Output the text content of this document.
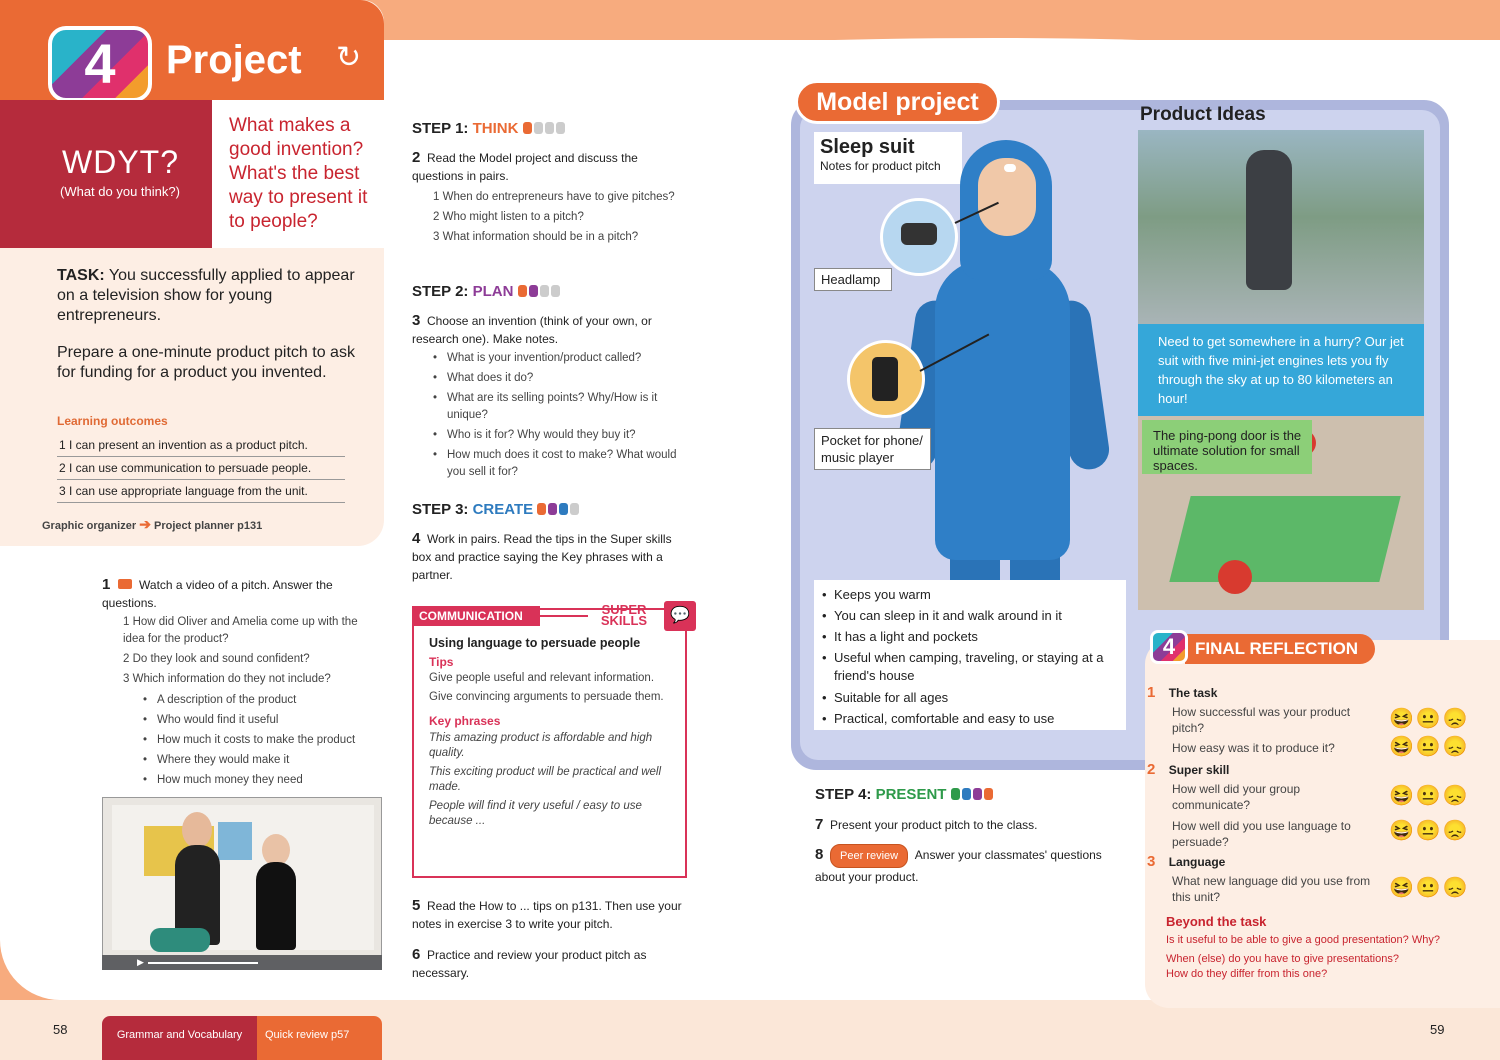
4	Project ↻
WDYT?
(What do you think?)
What makes a good invention? What's the best way to present it to people?
TASK: You successfully applied to appear on a television show for young entrepreneurs.
Prepare a one-minute product pitch to ask for funding for a product you invented.
Learning outcomes
1 I can present an invention as a product pitch.
2 I can use communication to persuade people.
3 I can use appropriate language from the unit.
Graphic organizer ➔ Project planner p131
1 Watch a video of a pitch. Answer the questions.
1 How did Oliver and Amelia come up with the idea for the product?
2 Do they look and sound confident?
3 Which information do they not include?
• A description of the product
• Who would find it useful
• How much it costs to make the product
• Where they would make it
• How much money they need
▶
STEP 1: THINK
2 Read the Model project and discuss the questions in pairs.
1 When do entrepreneurs have to give pitches?
2 Who might listen to a pitch?
3 What information should be in a pitch?
STEP 2: PLAN
3 Choose an invention (think of your own, or research one). Make notes.
• What is your invention/product called?
• What does it do?
• What are its selling points? Why/How is it unique?
• Who is it for? Why would they buy it?
• How much does it cost to make? What would you sell it for?
STEP 3: CREATE
4 Work in pairs. Read the tips in the Super skills box and practice saying the Key phrases with a partner.
COMMUNICATION	SUPER SKILLS	💬
Using language to persuade people
Tips
Give people useful and relevant information.
Give convincing arguments to persuade them.
Key phrases
This amazing product is affordable and high quality.
This exciting product will be practical and well made.
People will find it very useful / easy to use because ...
5 Read the How to ... tips on p131. Then use your notes in exercise 3 to write your pitch.
6 Practice and review your product pitch as necessary.
Model project
Sleep suit
Notes for product pitch
Headlamp
Pocket for phone/ music player
• Keeps you warm
• You can sleep in it and walk around in it
• It has a light and pockets
• Useful when camping, traveling, or staying at a friend's house
• Suitable for all ages
• Practical, comfortable and easy to use
Product Ideas
Need to get somewhere in a hurry? Our jet suit with five mini-jet engines lets you fly through the sky at up to 80 kilometers an hour!
The ping-pong door is the ultimate solution for small spaces.
STEP 4: PRESENT
7 Present your product pitch to the class.
8 Peer review Answer your classmates' questions about your product.
FINAL REFLECTION
4
1 The task
How successful was your product pitch?	😆😐😞
How easy was it to produce it?	😆😐😞
2 Super skill
How well did your group communicate?	😆😐😞
How well did you use language to persuade?	😆😐😞
3 Language
What new language did you use from this unit?	😆😐😞
Beyond the task
Is it useful to be able to give a good presentation? Why?
When (else) do you have to give presentations?
How do they differ from this one?
58	59
Grammar and Vocabulary	Quick review p57
